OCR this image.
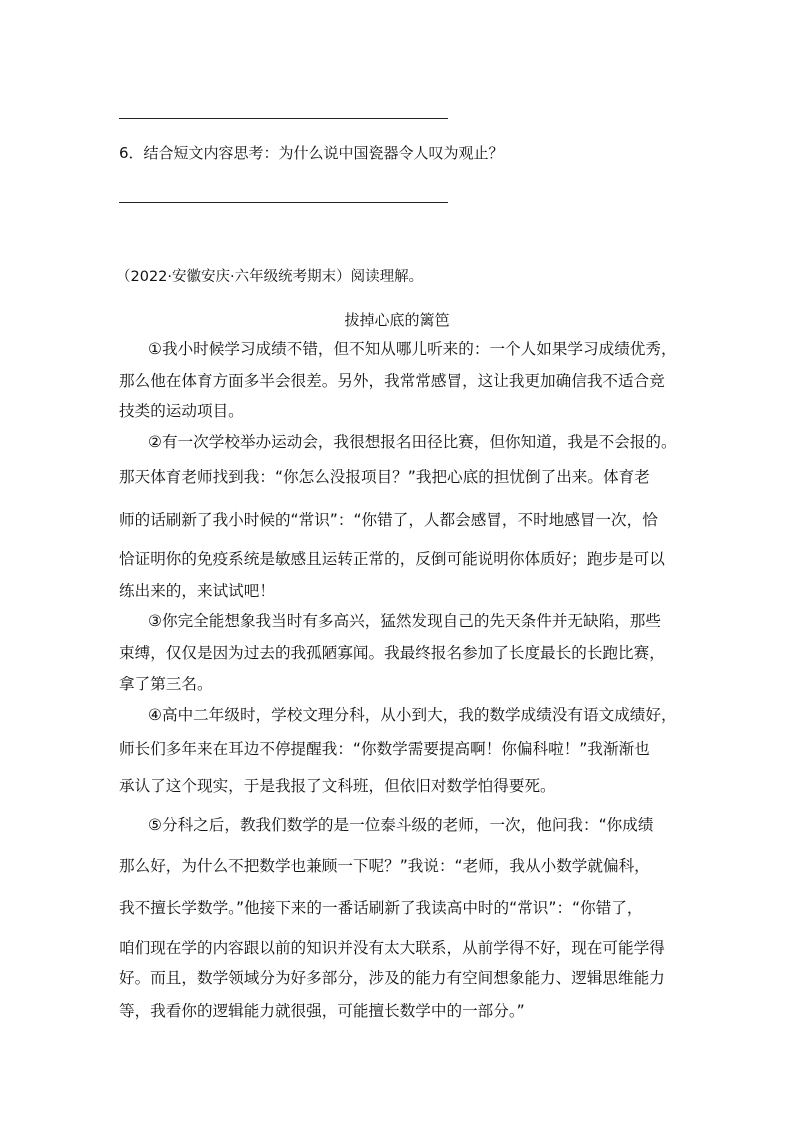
6．结合短文内容思考：为什么说中国瓷器令人叹为观止？
（2022·安徽安庆·六年级统考期末）阅读理解。
拔掉心底的篱笆
①我小时候学习成绩不错，但不知从哪儿听来的：一个人如果学习成绩优秀，
那么他在体育方面多半会很差。另外，我常常感冒，这让我更加确信我不适合竞
技类的运动项目。
②有一次学校举办运动会，我很想报名田径比赛，但你知道，我是不会报的。
那天体育老师找到我：“你怎么没报项目？”我把心底的担忧倒了出来。体育老
师的话刷新了我小时候的“常识”：“你错了，人都会感冒，不时地感冒一次，恰
恰证明你的免疫系统是敏感且运转正常的，反倒可能说明你体质好；跑步是可以
练出来的，来试试吧！
③你完全能想象我当时有多高兴，猛然发现自己的先天条件并无缺陷，那些
束缚，仅仅是因为过去的我孤陋寡闻。我最终报名参加了长度最长的长跑比赛，
拿了第三名。
④高中二年级时，学校文理分科，从小到大，我的数学成绩没有语文成绩好，
师长们多年来在耳边不停提醒我：“你数学需要提高啊！你偏科啦！”我渐渐也
承认了这个现实，于是我报了文科班，但依旧对数学怕得要死。
⑤分科之后，教我们数学的是一位泰斗级的老师，一次，他问我：“你成绩
那么好，为什么不把数学也兼顾一下呢？”我说：“老师，我从小数学就偏科，
我不擅长学数学。”他接下来的一番话刷新了我读高中时的“常识”：“你错了，
咱们现在学的内容跟以前的知识并没有太大联系，从前学得不好，现在可能学得
好。而且，数学领域分为好多部分，涉及的能力有空间想象能力、逻辑思维能力
等，我看你的逻辑能力就很强，可能擅长数学中的一部分。”
